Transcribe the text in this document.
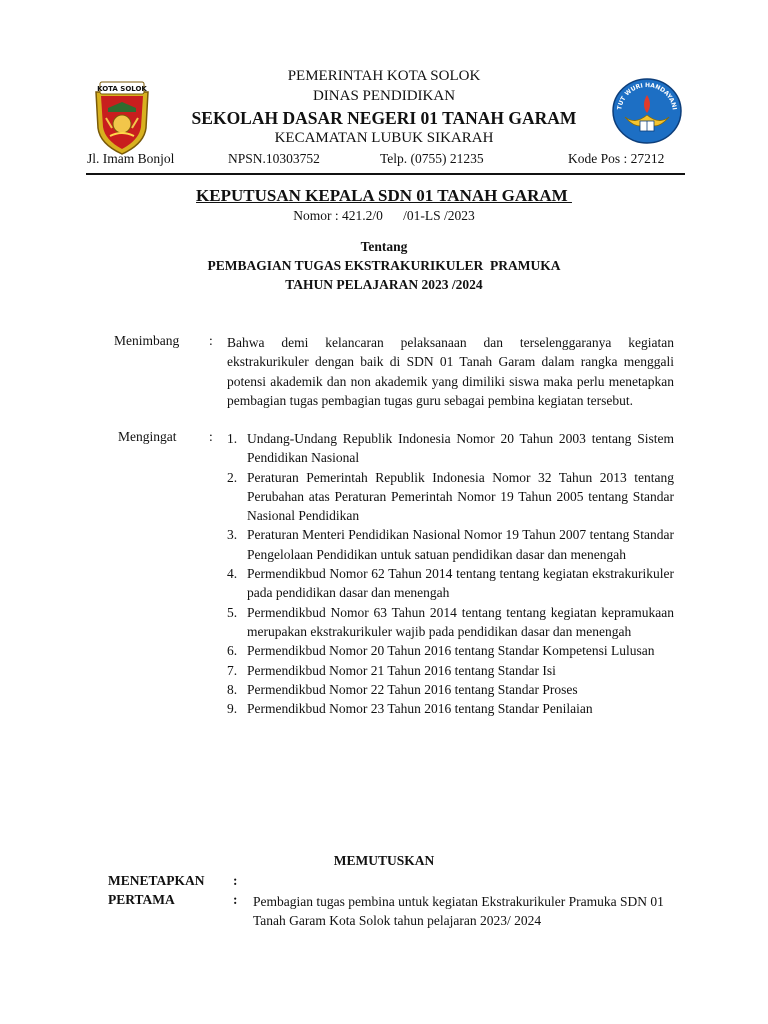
KOTA SOLOK
TUT WURI HANDAYANI
PEMERINTAH KOTA SOLOK
DINAS PENDIDIKAN
SEKOLAH DASAR NEGERI 01 TANAH GARAM
KECAMATAN LUBUK SIKARAH
Jl. Imam Bonjol	NPSN.10303752	Telp. (0755) 21235	Kode Pos : 27212
KEPUTUSAN KEPALA SDN 01 TANAH GARAM
Nomor : 421.2/0      /01-LS /2023
Tentang
PEMBAGIAN TUGAS EKSTRAKURIKULER  PRAMUKA
TAHUN PELAJARAN 2023 /2024
Menimbang : Bahwa demi kelancaran pelaksanaan dan terselenggaranya kegiatan ekstrakurikuler dengan baik di SDN 01 Tanah Garam dalam rangka menggali potensi akademik dan non akademik yang dimiliki siswa maka perlu menetapkan pembagian tugas pembagian tugas guru sebagai pembina kegiatan tersebut.
Mengingat : 1. Undang-Undang Republik Indonesia Nomor 20 Tahun 2003 tentang Sistem Pendidikan Nasional
2. Peraturan Pemerintah Republik Indonesia Nomor 32 Tahun 2013 tentang Perubahan atas Peraturan Pemerintah Nomor 19 Tahun 2005 tentang Standar Nasional Pendidikan
3. Peraturan Menteri Pendidikan Nasional Nomor 19 Tahun 2007 tentang Standar Pengelolaan Pendidikan untuk satuan pendidikan dasar dan menengah
4. Permendikbud Nomor 62 Tahun 2014 tentang tentang kegiatan ekstrakurikuler pada pendidikan dasar dan menengah
5. Permendikbud Nomor 63 Tahun 2014 tentang tentang kegiatan kepramukaan merupakan ekstrakurikuler wajib pada pendidikan dasar dan menengah
6. Permendikbud Nomor 20 Tahun 2016 tentang Standar Kompetensi Lulusan
7. Permendikbud Nomor 21 Tahun 2016 tentang Standar Isi
8. Permendikbud Nomor 22 Tahun 2016 tentang Standar Proses
9. Permendikbud Nomor 23 Tahun 2016 tentang Standar Penilaian
MEMUTUSKAN
MENETAPKAN :
PERTAMA	: Pembagian tugas pembina untuk kegiatan Ekstrakurikuler Pramuka SDN 01 Tanah Garam Kota Solok tahun pelajaran 2023/ 2024
